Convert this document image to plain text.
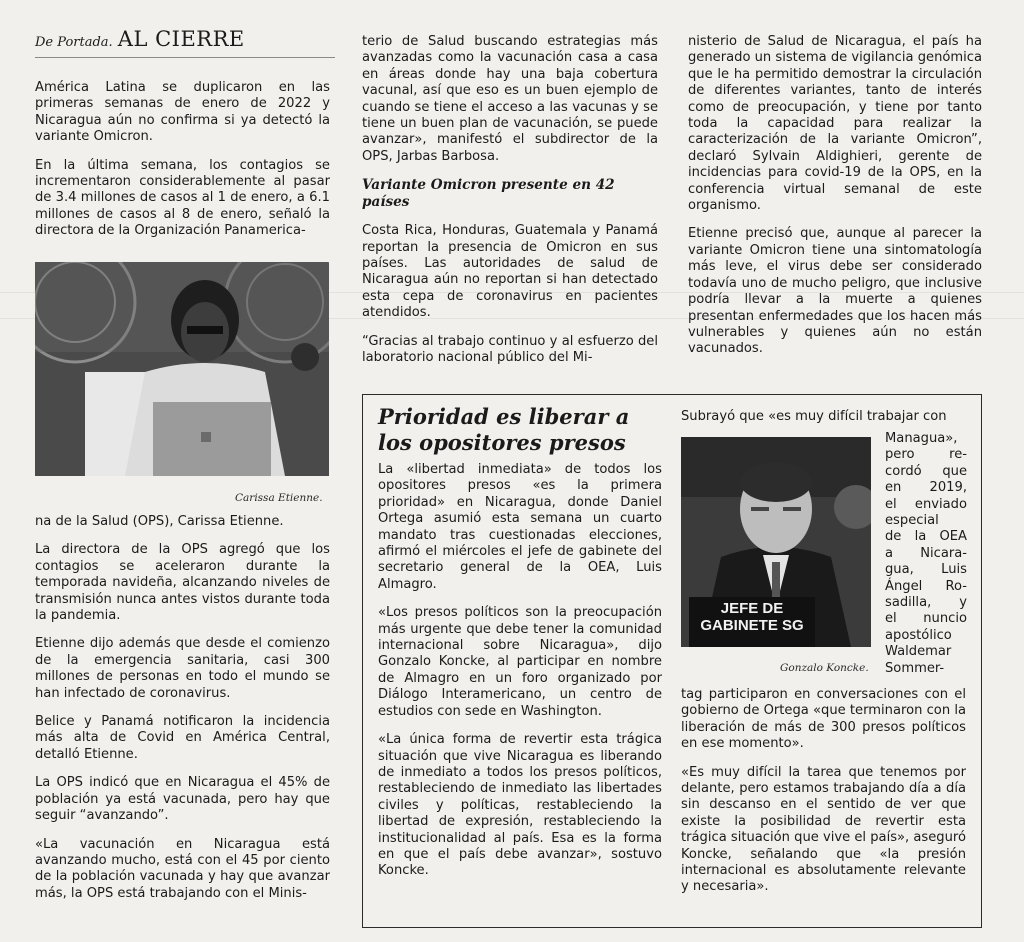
De Portada. AL CIERRE

América Latina se duplicaron en las primeras semanas de enero de 2022 y Nicaragua aún no confirma si ya detectó la variante Omicron.

En la última semana, los contagios se incrementaron considerablemente al pasar de 3.4 millones de casos al 1 de enero, a 6.1 millones de casos al 8 de enero, señaló la directora de la Organización Panamerica-

Carissa Etienne.

na de la Salud (OPS), Carissa Etienne.

La directora de la OPS agregó que los contagios se aceleraron durante la temporada navideña, alcanzando niveles de transmisión nunca antes vistos durante toda la pandemia.

Etienne dijo además que desde el comienzo de la emergencia sanitaria, casi 300 millones de personas en todo el mundo se han infectado de coronavirus.

Belice y Panamá notificaron la incidencia más alta de Covid en América Central, detalló Etienne.

La OPS indicó que en Nicaragua el 45% de población ya está vacunada, pero hay que seguir “avanzando”.

«La vacunación en Nicaragua está avanzando mucho, está con el 45 por ciento de la población vacunada y hay que avanzar más, la OPS está trabajando con el Minis-

terio de Salud buscando estrategias más avanzadas como la vacunación casa a casa en áreas donde hay una baja cobertura vacunal, así que eso es un buen ejemplo de cuando se tiene el acceso a las vacunas y se tiene un buen plan de vacunación, se puede avanzar», manifestó el subdirector de la OPS, Jarbas Barbosa.

Variante Omicron presente en 42 países

Costa Rica, Honduras, Guatemala y Panamá reportan la presencia de Omicron en sus países. Las autoridades de salud de Nicaragua aún no reportan si han detectado esta cepa de coronavirus en pacientes atendidos.

“Gracias al trabajo continuo y al esfuerzo del laboratorio nacional público del Mi-

nisterio de Salud de Nicaragua, el país ha generado un sistema de vigilancia genómica que le ha permitido demostrar la circulación de diferentes variantes, tanto de interés como de preocupación, y tiene por tanto toda la capacidad para realizar la caracterización de la variante Omicron”, declaró Sylvain Aldighieri, gerente de incidencias para covid-19 de la OPS, en la conferencia virtual semanal de este organismo.

Etienne precisó que, aunque al parecer la variante Omicron tiene una sintomatología más leve, el virus debe ser considerado todavía uno de mucho peligro, que inclusive podría llevar a la muerte a quienes presentan enfermedades que los hacen más vulnerables y quienes aún no están vacunados.

Prioridad es liberar a los opositores presos

La «libertad inmediata» de todos los opositores presos «es la primera prioridad» en Nicaragua, donde Daniel Ortega asumió esta semana un cuarto mandato tras cuestionadas elecciones, afirmó el miércoles el jefe de gabinete del secretario general de la OEA, Luis Almagro.

«Los presos políticos son la preocupación más urgente que debe tener la comunidad internacional sobre Nicaragua», dijo Gonzalo Koncke, al participar en nombre de Almagro en un foro organizado por Diálogo Interamericano, un centro de estudios con sede en Washington.

«La única forma de revertir esta trágica situación que vive Nicaragua es liberando de inmediato a todos los presos políticos, restableciendo de inmediato las libertades civiles y políticas, restableciendo la libertad de expresión, restableciendo la institucionalidad al país. Esa es la forma en que el país debe avanzar», sostuvo Koncke.

Subrayó que «es muy difícil trabajar con
JEFE DE
GABINETE SG
Gonzalo Koncke.
Managua»,
pero re-
cordó que
en 2019,
el enviado
especial
de la OEA
a Nicara-
gua, Luis
Ángel Ro-
sadilla, y
el nuncio
apostólico
Waldemar
Sommer-

tag participaron en conversaciones con el gobierno de Ortega «que terminaron con la liberación de más de 300 presos políticos en ese momento».

«Es muy difícil la tarea que tenemos por delante, pero estamos trabajando día a día sin descanso en el sentido de ver que existe la posibilidad de revertir esta trágica situación que vive el país», aseguró Koncke, señalando que «la presión internacional es absolutamente relevante y necesaria».
